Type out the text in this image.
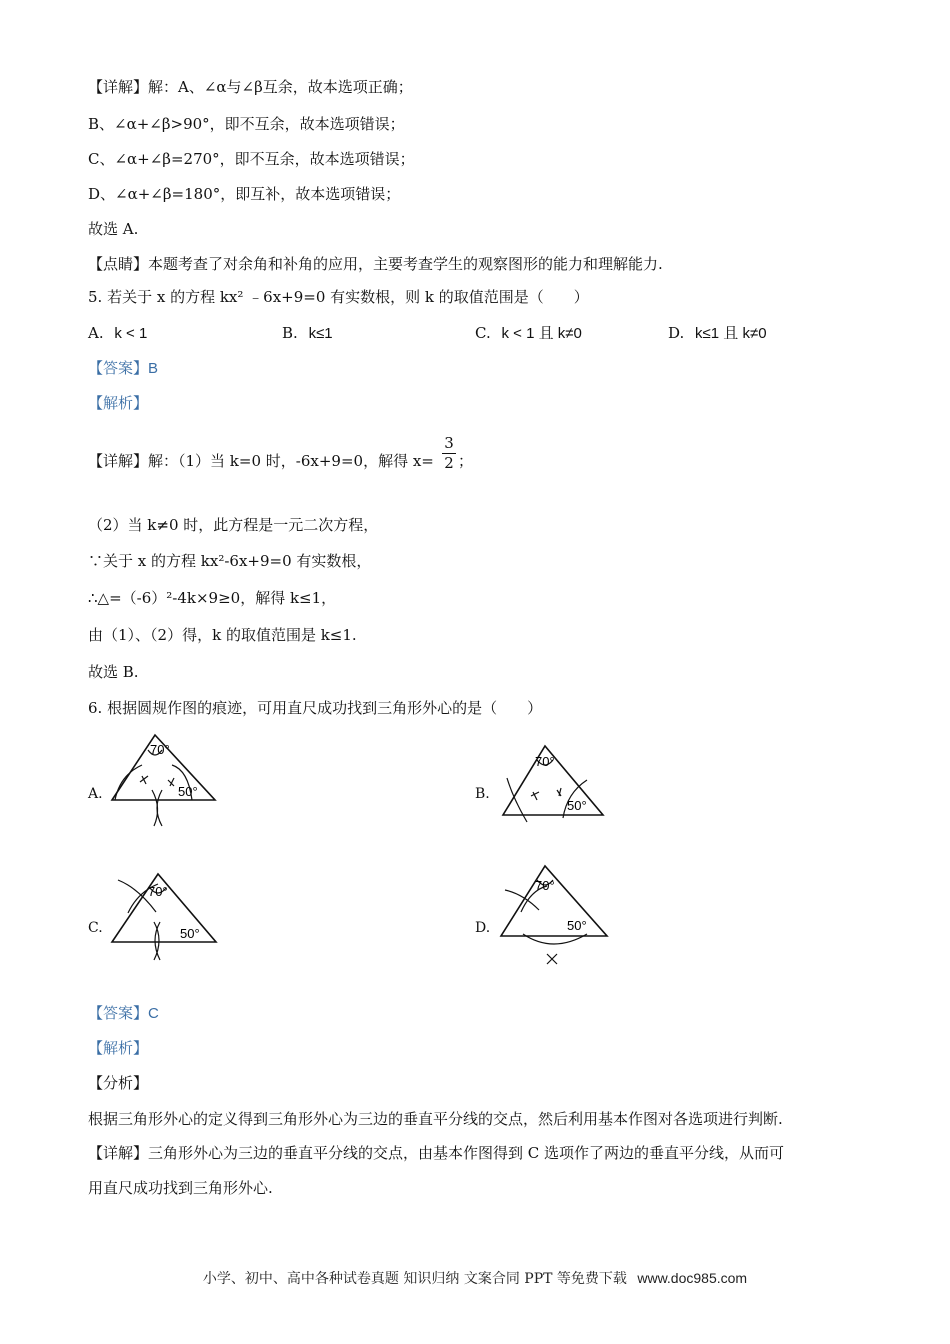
【详解】解：A、∠α与∠β互余，故本选项正确；
B、∠α+∠β>90°，即不互余，故本选项错误；
C、∠α+∠β=270°，即不互余，故本选项错误；
D、∠α+∠β=180°，即互补，故本选项错误；
故选 A.
【点睛】本题考查了对余角和补角的应用，主要考查学生的观察图形的能力和理解能力.
5. 若关于 x 的方程 kx² ﹣6x+9=0 有实数根，则 k 的取值范围是（　　）
A. k < 1	B. k≤1	C. k < 1 且 k≠0	D. k≤1 且 k≠0
【答案】B
【解析】
【详解】解：（1）当 k=0 时，-6x+9=0，解得 $x= \frac{3}{2}$ ；
（2）当 k≠0 时，此方程是一元二次方程，
∵关于 x 的方程 kx²-6x+9=0 有实数根，
∴△=（-6）²-4k×9≥0，解得 k≤1，
由（1）、（2）得，k 的取值范围是 k≤1.
故选 B.
6. 根据圆规作图的痕迹，可用直尺成功找到三角形外心的是（　　）
A.
70°
50°	B.
70°
50°
C.
70°
50°	D.
70°
50°
【答案】C
【解析】
【分析】
根据三角形外心的定义得到三角形外心为三边的垂直平分线的交点，然后利用基本作图对各选项进行判断.
【详解】三角形外心为三边的垂直平分线的交点，由基本作图得到 C 选项作了两边的垂直平分线，从而可
用直尺成功找到三角形外心.
小学、初中、高中各种试卷真题 知识归纳 文案合同 PPT 等免费下载 www.doc985.com
